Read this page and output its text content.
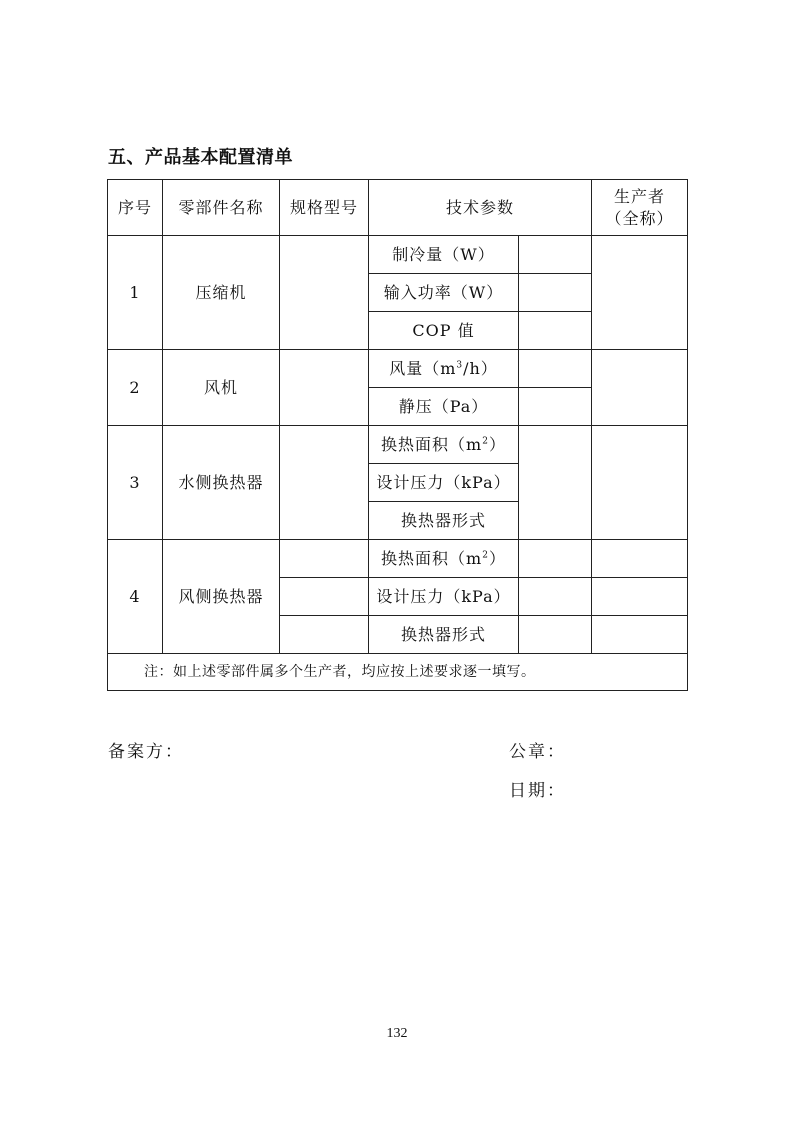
五、产品基本配置清单
序号	零部件名称	规格型号	技术参数		生产者
（全称）
1	压缩机		制冷量（W）		
			输入功率（W）		
			COP 值		
2	风机		风量$(m^3/h)$		
			静压（Pa）		
3	水侧换热器		换热面积$(m^2)$		
			设计压力（kPa）		
			换热器形式		
4	风侧换热器		换热面积$(m^2)$		
			设计压力（kPa）		
			换热器形式		
注：如上述零部件属多个生产者，均应按上述要求逐一填写。					
备案方：	公章：
日期：
132
